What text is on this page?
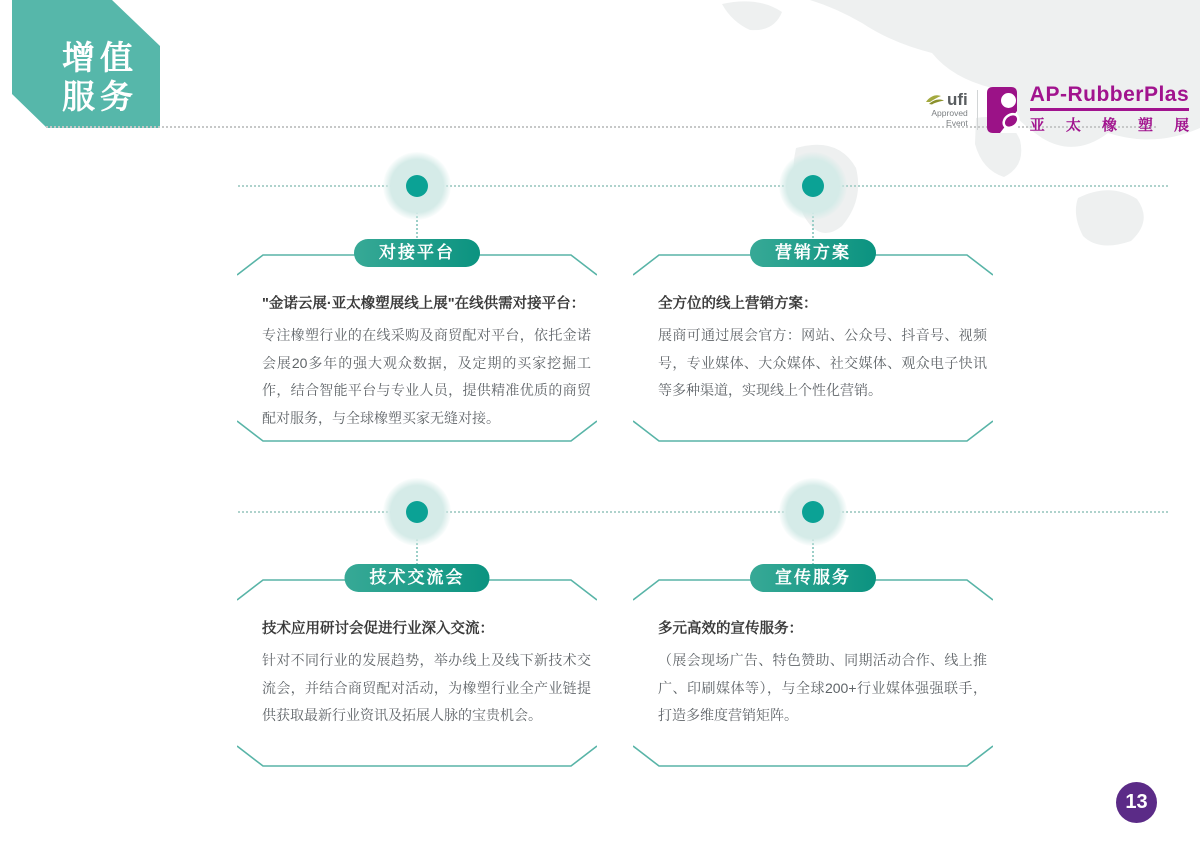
增值
服务	ufi
Approved
Event
AP-RubberPlas
亚太橡塑展
对接平台

"金诺云展·亚太橡塑展线上展"在线供需对接平台：

专注橡塑行业的在线采购及商贸配对平台，依托金诺会展20多年的强大观众数据，及定期的买家挖掘工作，结合智能平台与专业人员，提供精准优质的商贸配对服务，与全球橡塑买家无缝对接。

营销方案

全方位的线上营销方案：

展商可通过展会官方：网站、公众号、抖音号、视频号，专业媒体、大众媒体、社交媒体、观众电子快讯等多种渠道，实现线上个性化营销。

技术交流会

技术应用研讨会促进行业深入交流：

针对不同行业的发展趋势，举办线上及线下新技术交流会，并结合商贸配对活动，为橡塑行业全产业链提供获取最新行业资讯及拓展人脉的宝贵机会。

宣传服务

多元高效的宣传服务：

（展会现场广告、特色赞助、同期活动合作、线上推广、印刷媒体等），与全球200+行业媒体强强联手，打造多维度营销矩阵。

13
